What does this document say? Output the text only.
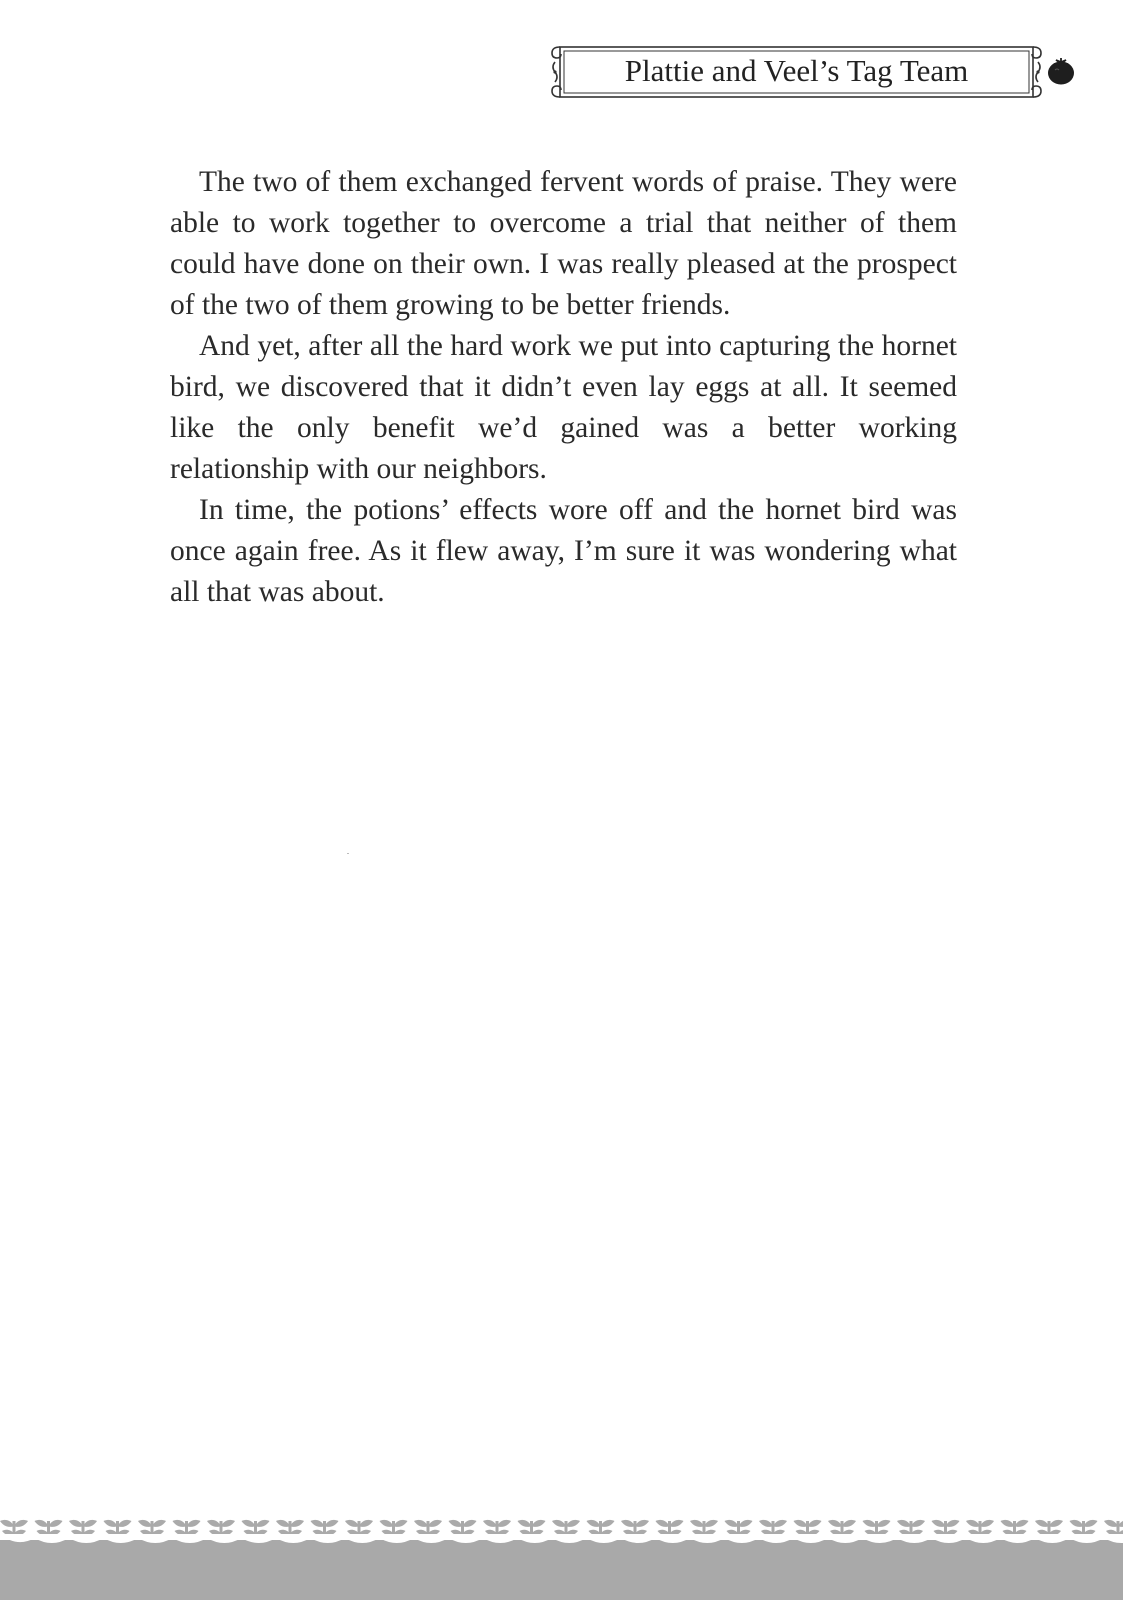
Plattie and Veel’s Tag Team

The two of them exchanged fervent words of praise. They were able to work together to overcome a trial that neither of them could have done on their own. I was really pleased at the prospect of the two of them growing to be better friends.

And yet, after all the hard work we put into capturing the hornet bird, we discovered that it didn’t even lay eggs at all. It seemed like the only benefit we’d gained was a better working relationship with our neighbors.

In time, the potions’ effects wore off and the hornet bird was once again free. As it flew away, I’m sure it was wondering what all that was about.
